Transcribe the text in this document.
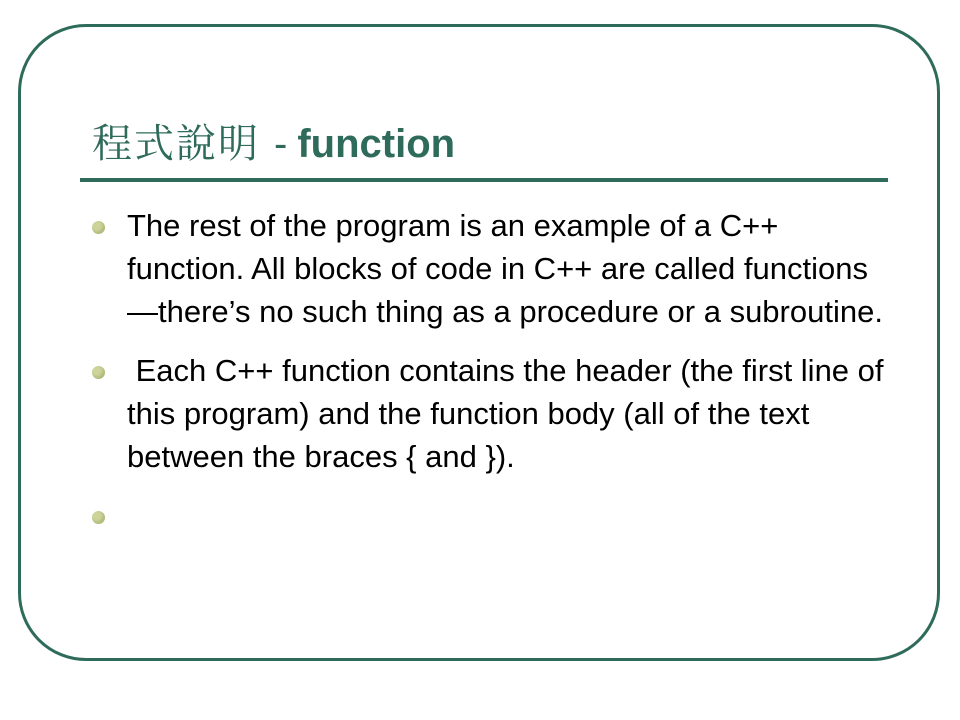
程式說明 - function
The rest of the program is an example of a C++ function. All blocks of code in C++ are called functions—there’s no such thing as a procedure or a subroutine.
Each C++ function contains the header (the first line of this program) and the function body (all of the text between the braces { and }).
